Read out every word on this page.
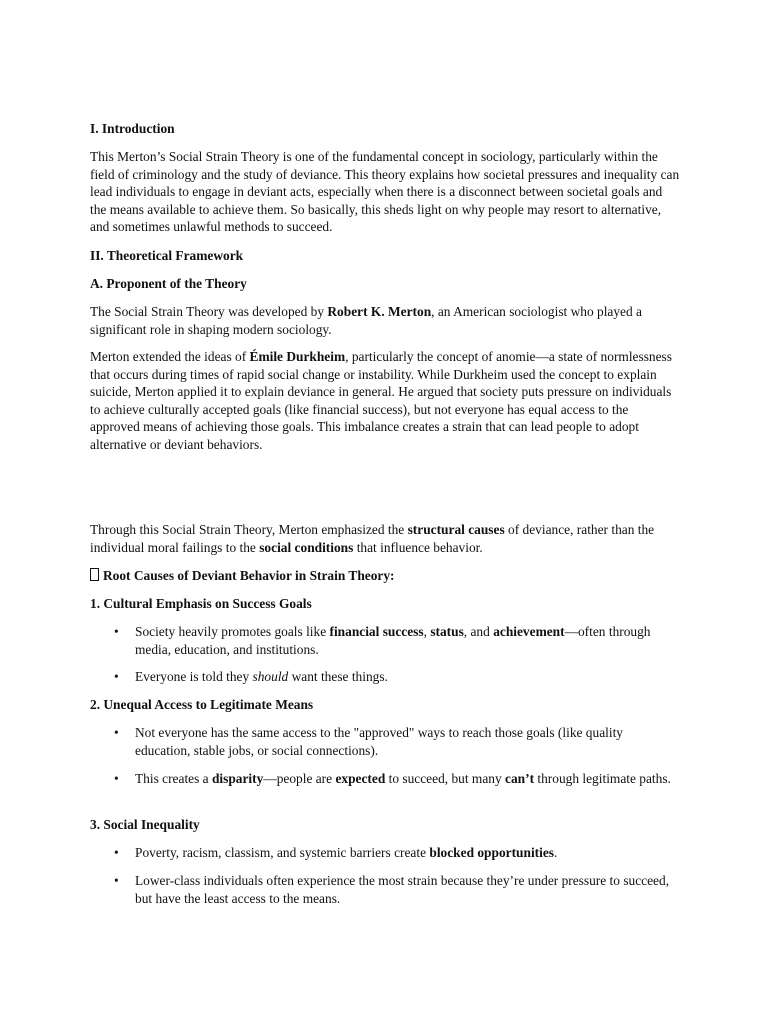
I. Introduction

This Merton’s Social Strain Theory is one of the fundamental concept in sociology, particularly within the field of criminology and the study of deviance. This theory explains how societal pressures and inequality can lead individuals to engage in deviant acts, especially when there is a disconnect between societal goals and the means available to achieve them. So basically, this sheds light on why people may resort to alternative, and sometimes unlawful methods to succeed.

II. Theoretical Framework
A. Proponent of the Theory

The Social Strain Theory was developed by Robert K. Merton, an American sociologist who played a significant role in shaping modern sociology.

Merton extended the ideas of Émile Durkheim, particularly the concept of anomie—a state of normlessness that occurs during times of rapid social change or instability. While Durkheim used the concept to explain suicide, Merton applied it to explain deviance in general. He argued that society puts pressure on individuals to achieve culturally accepted goals (like financial success), but not everyone has equal access to the approved means of achieving those goals. This imbalance creates a strain that can lead people to adopt alternative or deviant behaviors.

Through this Social Strain Theory, Merton emphasized the structural causes of deviance, rather than the individual moral failings to the social conditions that influence behavior.

Root Causes of Deviant Behavior in Strain Theory:
1. Cultural Emphasis on Success Goals
• Society heavily promotes goals like financial success, status, and achievement—often through media, education, and institutions.
• Everyone is told they should want these things.
2. Unequal Access to Legitimate Means
• Not everyone has the same access to the "approved" ways to reach those goals (like quality education, stable jobs, or social connections).
• This creates a disparity—people are expected to succeed, but many can’t through legitimate paths.
3. Social Inequality
• Poverty, racism, classism, and systemic barriers create blocked opportunities.
• Lower-class individuals often experience the most strain because they’re under pressure to succeed, but have the least access to the means.
